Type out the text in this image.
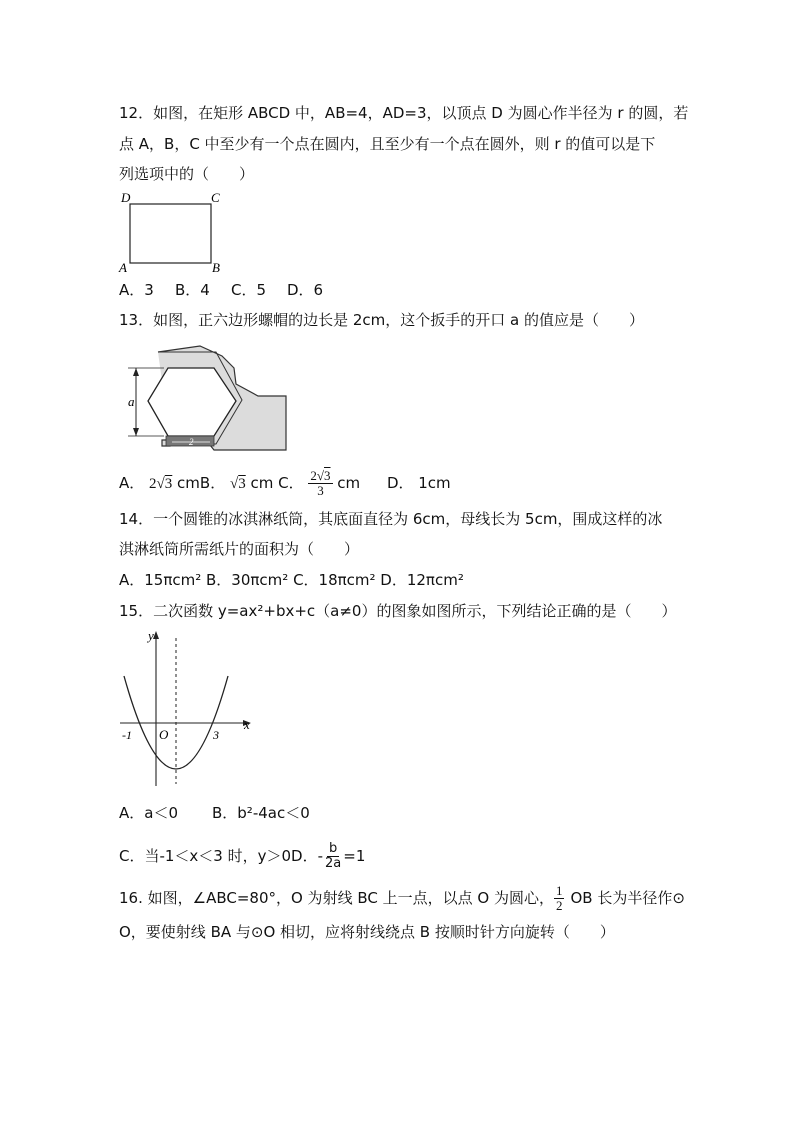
12．如图，在矩形 ABCD 中，AB=4，AD=3，以顶点 D 为圆心作半径为 r 的圆，若
点 A，B，C 中至少有一个点在圆内，且至少有一个点在圆外，则 r 的值可以是下
列选项中的（　　）
D	C
A	B
A．3 B．4 C．5 D．6
13．如图，正六边形螺帽的边长是 2cm，这个扳手的开口 a 的值应是（　　）
a
2
A． 2√3 cmB． √3 cm C． $\frac{2√3}{3}$ cm D． 1cm
14．一个圆锥的冰淇淋纸筒，其底面直径为 6cm，母线长为 5cm，围成这样的冰
淇淋纸筒所需纸片的面积为（　　）
A．15πcm² B．30πcm² C．18πcm² D．12πcm²
15．二次函数 y=ax²+bx+c（a≠0）的图象如图所示，下列结论正确的是（　　）
y
x
O
-1	3
A．a＜0 B．b²-4ac＜0
C．当-1＜x＜3 时，y＞0D．- $\frac{b}{2a} =1$
16. 如图，∠ABC=80°，O 为射线 BC 上一点，以点 O 为圆心， $\frac{1}{2}$ OB 长为半径作⊙
O，要使射线 BA 与⊙O 相切，应将射线绕点 B 按顺时针方向旋转（　　）
